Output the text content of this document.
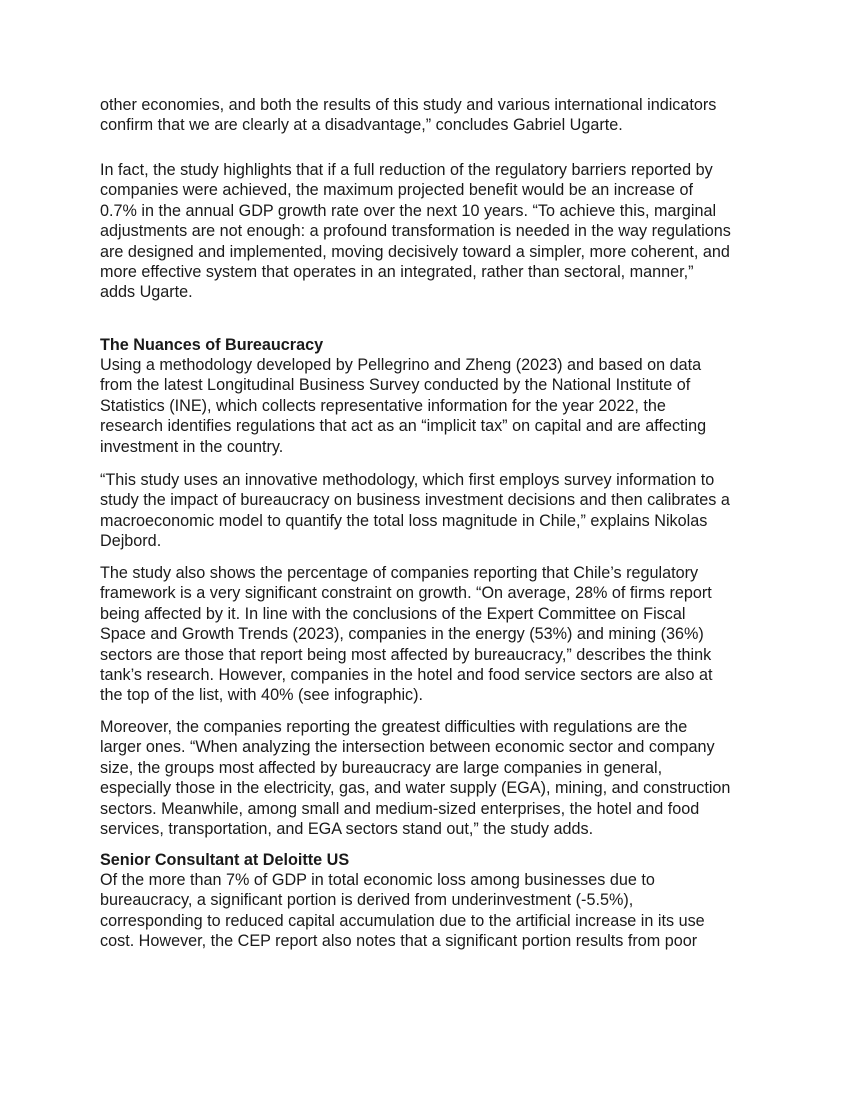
other economies, and both the results of this study and various international indicators
confirm that we are clearly at a disadvantage,” concludes Gabriel Ugarte.
In fact, the study highlights that if a full reduction of the regulatory barriers reported by
companies were achieved, the maximum projected benefit would be an increase of
0.7% in the annual GDP growth rate over the next 10 years. “To achieve this, marginal
adjustments are not enough: a profound transformation is needed in the way regulations
are designed and implemented, moving decisively toward a simpler, more coherent, and
more effective system that operates in an integrated, rather than sectoral, manner,”
adds Ugarte.
The Nuances of Bureaucracy
Using a methodology developed by Pellegrino and Zheng (2023) and based on data
from the latest Longitudinal Business Survey conducted by the National Institute of
Statistics (INE), which collects representative information for the year 2022, the
research identifies regulations that act as an “implicit tax” on capital and are affecting
investment in the country.
“This study uses an innovative methodology, which first employs survey information to
study the impact of bureaucracy on business investment decisions and then calibrates a
macroeconomic model to quantify the total loss magnitude in Chile,” explains Nikolas
Dejbord.
The study also shows the percentage of companies reporting that Chile’s regulatory
framework is a very significant constraint on growth. “On average, 28% of firms report
being affected by it. In line with the conclusions of the Expert Committee on Fiscal
Space and Growth Trends (2023), companies in the energy (53%) and mining (36%)
sectors are those that report being most affected by bureaucracy,” describes the think
tank’s research. However, companies in the hotel and food service sectors are also at
the top of the list, with 40% (see infographic).
Moreover, the companies reporting the greatest difficulties with regulations are the
larger ones. “When analyzing the intersection between economic sector and company
size, the groups most affected by bureaucracy are large companies in general,
especially those in the electricity, gas, and water supply (EGA), mining, and construction
sectors. Meanwhile, among small and medium-sized enterprises, the hotel and food
services, transportation, and EGA sectors stand out,” the study adds.
Senior Consultant at Deloitte US
Of the more than 7% of GDP in total economic loss among businesses due to
bureaucracy, a significant portion is derived from underinvestment (-5.5%),
corresponding to reduced capital accumulation due to the artificial increase in its use
cost. However, the CEP report also notes that a significant portion results from poor
